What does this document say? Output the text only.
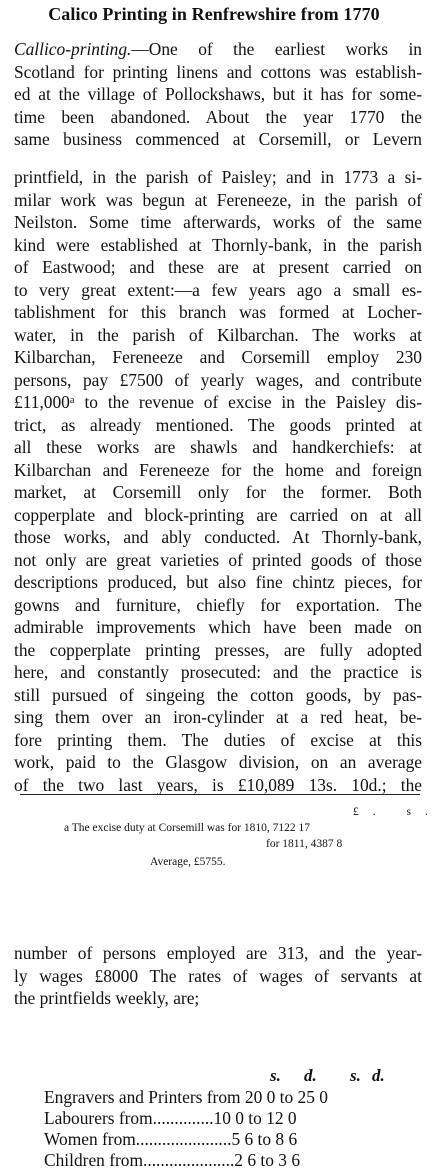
Calico Printing in Renfrewshire from 1770
Callico-printing.—One of the earliest works in
Scotland for printing linens and cottons was establish-
ed at the village of Pollockshaws, but it has for some-
time been abandoned. About the year 1770 the
same business commenced at Corsemill, or Levern
printfield, in the parish of Paisley; and in 1773 a si-
milar work was begun at Fereneeze, in the parish of
Neilston. Some time afterwards, works of the same
kind were established at Thornly-bank, in the parish
of Eastwood; and these are at present carried on
to very great extent:—a few years ago a small es-
tablishment for this branch was formed at Locher-
water, in the parish of Kilbarchan. The works at
Kilbarchan, Fereneeze and Corsemill employ 230
persons, pay £7500 of yearly wages, and contribute
£11,000ᵃ to the revenue of excise in the Paisley dis-
trict, as already mentioned. The goods printed at
all these works are shawls and handkerchiefs: at
Kilbarchan and Fereneeze for the home and foreign
market, at Corsemill only for the former. Both
copperplate and block-printing are carried on at all
those works, and ably conducted. At Thornly-bank,
not only are great varieties of printed goods of those
descriptions produced, but also fine chintz pieces, for
gowns and furniture, chiefly for exportation. The
admirable improvements which have been made on
the copperplate printing presses, are fully adopted
here, and constantly prosecuted: and the practice is
still pursued of singeing the cotton goods, by pas-
sing them over an iron-cylinder at a red heat, be-
fore printing them. The duties of excise at this
work, paid to the Glasgow division, on an average
of the two last years, is £10,089 13s. 10d.; the
£. s.
a The excise duty at Corsemill was for 1810, 7122 17
for 1811, 4387 8
Average, £5755.
number of persons employed are 313, and the year-
ly wages £8000 The rates of wages of servants at
the printfields weekly, are;
s. d. s. d.
Engravers and Printers from 20 0 to 25 0
Labourers from..............10 0 to 12 0
Women from......................5 6 to 8 6
Children from.....................2 6 to 3 6
